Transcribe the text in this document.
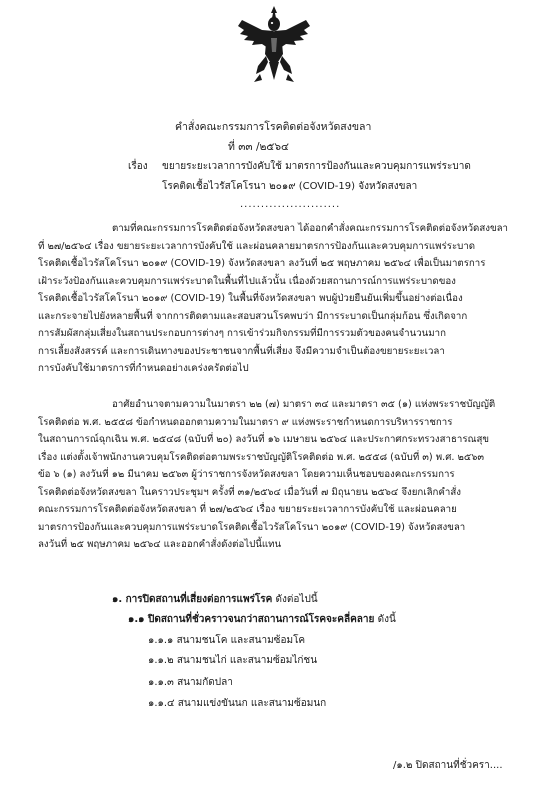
คำสั่งคณะกรรมการโรคติดต่อจังหวัดสงขลา
ที่ ๓๓ /๒๕๖๔
เรื่อง ขยายระยะเวลาการบังคับใช้ มาตรการป้องกันและควบคุมการแพร่ระบาด
โรคติดเชื้อไวรัสโคโรนา ๒๐๑๙ (COVID-19) จังหวัดสงขลา
........................

ตามที่คณะกรรมการโรคติดต่อจังหวัดสงขลา ได้ออกคำสั่งคณะกรรมการโรคติดต่อจังหวัดสงขลา

ที่ ๒๗/๒๕๖๔ เรื่อง ขยายระยะเวลาการบังคับใช้ และผ่อนคลายมาตรการป้องกันและควบคุมการแพร่ระบาด

โรคติดเชื้อไวรัสโคโรนา ๒๐๑๙ (COVID-19) จังหวัดสงขลา ลงวันที่ ๒๕ พฤษภาคม ๒๕๖๔ เพื่อเป็นมาตรการ

เฝ้าระวังป้องกันและควบคุมการแพร่ระบาดในพื้นที่ไปแล้วนั้น เนื่องด้วยสถานการณ์การแพร่ระบาดของ

โรคติดเชื้อไวรัสโคโรนา ๒๐๑๙ (COVID-19) ในพื้นที่จังหวัดสงขลา พบผู้ป่วยยืนยันเพิ่มขึ้นอย่างต่อเนื่อง

และกระจายไปยังหลายพื้นที่ จากการติดตามและสอบสวนโรคพบว่า มีการระบาดเป็นกลุ่มก้อน ซึ่งเกิดจาก

การสัมผัสกลุ่มเสี่ยงในสถานประกอบการต่างๆ การเข้าร่วมกิจกรรมที่มีการรวมตัวของคนจำนวนมาก

การเลี้ยงสังสรรค์ และการเดินทางของประชาชนจากพื้นที่เสี่ยง จึงมีความจำเป็นต้องขยายระยะเวลา

การบังคับใช้มาตรการที่กำหนดอย่างเคร่งครัดต่อไป

อาศัยอำนาจตามความในมาตรา ๒๒ (๗) มาตรา ๓๔ และมาตรา ๓๕ (๑) แห่งพระราชบัญญัติ

โรคติดต่อ พ.ศ. ๒๕๕๘ ข้อกำหนดออกตามความในมาตรา ๙ แห่งพระราชกำหนดการบริหารราชการ

ในสถานการณ์ฉุกเฉิน พ.ศ. ๒๕๔๘ (ฉบับที่ ๒๐) ลงวันที่ ๑๖ เมษายน ๒๕๖๔ และประกาศกระทรวงสาธารณสุข

เรื่อง แต่งตั้งเจ้าพนักงานควบคุมโรคติดต่อตามพระราชบัญญัติโรคติดต่อ พ.ศ. ๒๕๕๘ (ฉบับที่ ๓) พ.ศ. ๒๕๖๓

ข้อ ๖ (๑) ลงวันที่ ๑๒ มีนาคม ๒๕๖๓ ผู้ว่าราชการจังหวัดสงขลา โดยความเห็นชอบของคณะกรรมการ

โรคติดต่อจังหวัดสงขลา ในคราวประชุมฯ ครั้งที่ ๓๑/๒๕๖๔ เมื่อวันที่ ๗ มิถุนายน ๒๕๖๔ จึงยกเลิกคำสั่ง

คณะกรรมการโรคติดต่อจังหวัดสงขลา ที่ ๒๗/๒๕๖๔ เรื่อง ขยายระยะเวลาการบังคับใช้ และผ่อนคลาย

มาตรการป้องกันและควบคุมการแพร่ระบาดโรคติดเชื้อไวรัสโคโรนา ๒๐๑๙ (COVID-19) จังหวัดสงขลา

ลงวันที่ ๒๕ พฤษภาคม ๒๕๖๔ และออกคำสั่งดังต่อไปนี้แทน

๑. การปิดสถานที่เสี่ยงต่อการแพร่โรค ดังต่อไปนี้
๑.๑ ปิดสถานที่ชั่วคราวจนกว่าสถานการณ์โรคจะคลี่คลาย ดังนี้
๑.๑.๑ สนามชนโค และสนามซ้อมโค
๑.๑.๒ สนามชนไก่ และสนามซ้อมไก่ชน
๑.๑.๓ สนามกัดปลา
๑.๑.๔ สนามแข่งขันนก และสนามซ้อมนก
/๑.๒ ปิดสถานที่ชั่วครา....
